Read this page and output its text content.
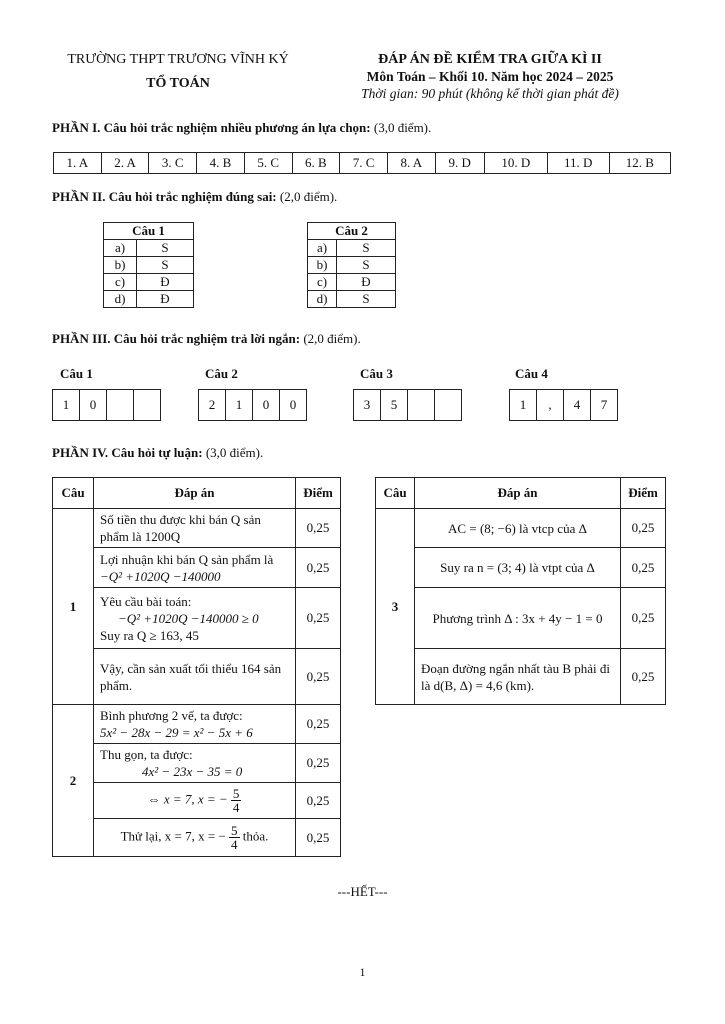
TRƯỜNG THPT TRƯƠNG VĨNH KÝ
TỔ TOÁN
ĐÁP ÁN ĐỀ KIỂM TRA GIỮA KÌ II
Môn Toán – Khối 10. Năm học 2024 – 2025
Thời gian: 90 phút (không kể thời gian phát đề)
PHẦN I. Câu hỏi trắc nghiệm nhiều phương án lựa chọn: (3,0 điểm).
1. A	2. A	3. C	4. B	5. C	6. B	7. C	8. A	9. D	10. D	11. D	12. B
PHẦN II. Câu hỏi trắc nghiệm đúng sai: (2,0 điểm).
Câu 1	
a)	S
b)	S
c)	Đ
d)	Đ
Câu 2	
a)	S
b)	S
c)	Đ
d)	S
PHẦN III. Câu hỏi trắc nghiệm trả lời ngắn: (2,0 điểm).
Câu 1
1	0		
Câu 2
2	1	0	0
Câu 3
3	5		
Câu 4
1	,	4	7
PHẦN IV. Câu hỏi tự luận: (3,0 điểm).
Câu	Đáp án	Điểm
1	Số tiền thu được khi bán Q sản phẩm là 1200Q	0,25

	Lợi nhuận khi bán Q sản phẩm là
−Q² +1020Q −140000	0,25

	Yêu cầu bài toán:
−Q² +1020Q −140000 ≥ 0
Suy ra Q ≥ 163, 45	0,25
	Vậy, cần sản xuất tối thiểu 164 sản phẩm.	0,25
2	Bình phương 2 vế, ta được:
5x² − 28x − 29 = x² − 5x + 6	0,25

	Thu gọn, ta được:
4x² − 23x − 35 = 0	0,25
	⇔ x = 7, x = − $\frac{5}{4}$	0,25
	Thử lại, x = 7, x = − $\frac{5}{4}$ thỏa.	0,25
Câu	Đáp án	Điểm
3	AC = (8; −6) là vtcp của Δ	0,25
	Suy ra n = (3; 4) là vtpt của Δ	0,25
	Phương trình Δ : 3x + 4y − 1 = 0	0,25
	Đoạn đường ngắn nhất tàu B phải đi là d(B, Δ) = 4,6 (km).	0,25
---HẾT---
1
